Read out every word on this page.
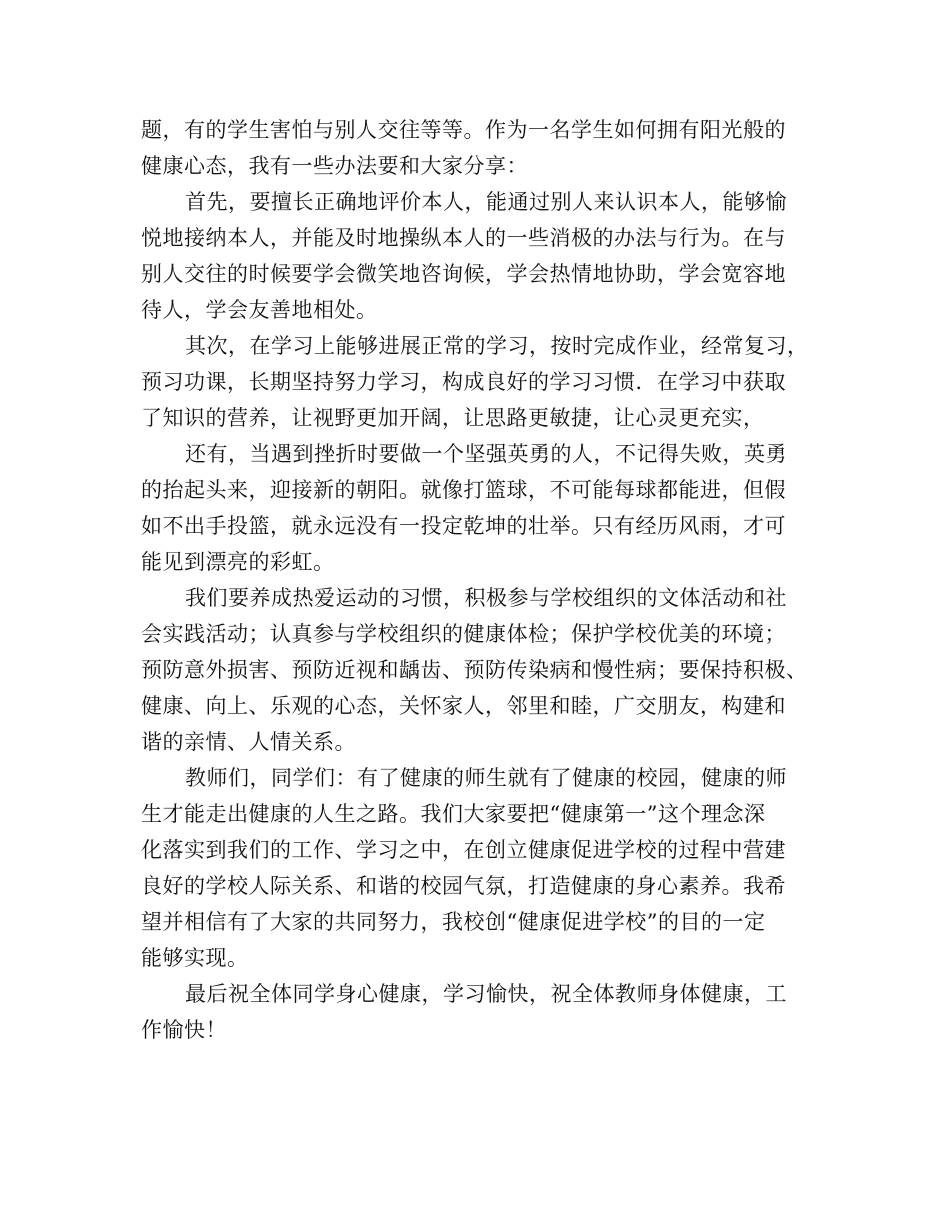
题，有的学生害怕与别人交往等等。作为一名学生如何拥有阳光般的
健康心态，我有一些办法要和大家分享：
首先，要擅长正确地评价本人，能通过别人来认识本人，能够愉
悦地接纳本人，并能及时地操纵本人的一些消极的办法与行为。在与
别人交往的时候要学会微笑地咨询候，学会热情地协助，学会宽容地
待人，学会友善地相处。
其次，在学习上能够进展正常的学习，按时完成作业，经常复习，
预习功课，长期坚持努力学习，构成良好的学习习惯．在学习中获取
了知识的营养，让视野更加开阔，让思路更敏捷，让心灵更充实，
还有，当遇到挫折时要做一个坚强英勇的人，不记得失败，英勇
的抬起头来，迎接新的朝阳。就像打篮球，不可能每球都能进，但假
如不出手投篮，就永远没有一投定乾坤的壮举。只有经历风雨，才可
能见到漂亮的彩虹。
我们要养成热爱运动的习惯，积极参与学校组织的文体活动和社
会实践活动；认真参与学校组织的健康体检；保护学校优美的环境；
预防意外损害、预防近视和龋齿、预防传染病和慢性病；要保持积极、
健康、向上、乐观的心态，关怀家人，邻里和睦，广交朋友，构建和
谐的亲情、人情关系。
教师们，同学们：有了健康的师生就有了健康的校园，健康的师
生才能走出健康的人生之路。我们大家要把“健康第一”这个理念深
化落实到我们的工作、学习之中，在创立健康促进学校的过程中营建
良好的学校人际关系、和谐的校园气氛，打造健康的身心素养。我希
望并相信有了大家的共同努力，我校创“健康促进学校”的目的一定
能够实现。
最后祝全体同学身心健康，学习愉快，祝全体教师身体健康，工
作愉快！
